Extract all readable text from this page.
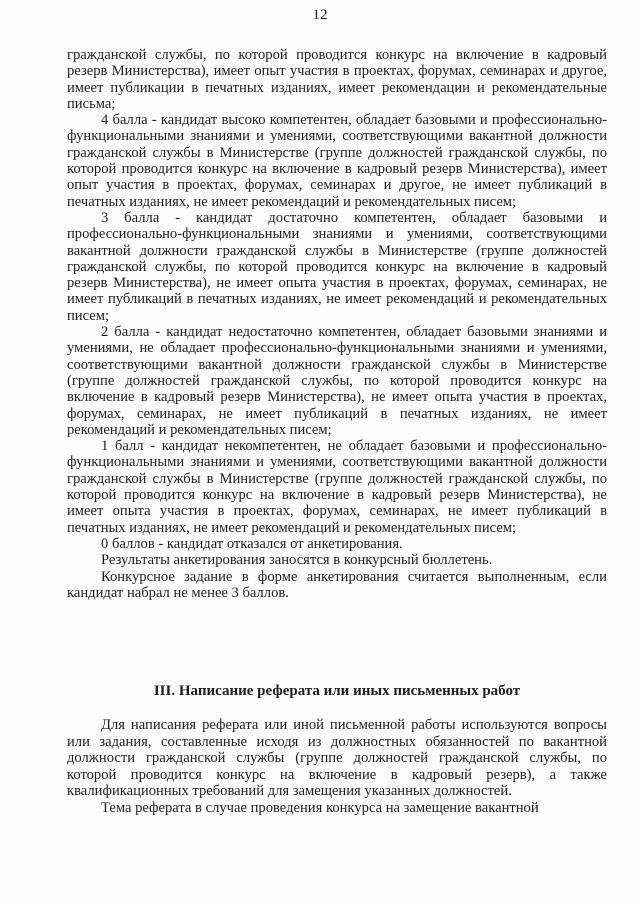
12

гражданской службы, по которой проводится конкурс на включение в кадровый резерв Министерства), имеет опыт участия в проектах, форумах, семинарах и другое, имеет публикации в печатных изданиях, имеет рекомендации и рекомендательные письма;

4 балла - кандидат высоко компетентен, обладает базовыми и профессионально-функциональными знаниями и умениями, соответствующими вакантной должности гражданской службы в Министерстве (группе должностей гражданской службы, по которой проводится конкурс на включение в кадровый резерв Министерства), имеет опыт участия в проектах, форумах, семинарах и другое, не имеет публикаций в печатных изданиях, не имеет рекомендаций и рекомендательных писем;

3 балла - кандидат достаточно компетентен, обладает базовыми и профессионально-функциональными знаниями и умениями, соответствующими вакантной должности гражданской службы в Министерстве (группе должностей гражданской службы, по которой проводится конкурс на включение в кадровый резерв Министерства), не имеет опыта участия в проектах, форумах, семинарах, не имеет публикаций в печатных изданиях, не имеет рекомендаций и рекомендательных писем;

2 балла - кандидат недостаточно компетентен, обладает базовыми знаниями и умениями, не обладает профессионально-функциональными знаниями и умениями, соответствующими вакантной должности гражданской службы в Министерстве (группе должностей гражданской службы, по которой проводится конкурс на включение в кадровый резерв Министерства), не имеет опыта участия в проектах, форумах, семинарах, не имеет публикаций в печатных изданиях, не имеет рекомендаций и рекомендательных писем;

1 балл - кандидат некомпетентен, не обладает базовыми и профессионально-функциональными знаниями и умениями, соответствующими вакантной должности гражданской службы в Министерстве (группе должностей гражданской службы, по которой проводится конкурс на включение в кадровый резерв Министерства), не имеет опыта участия в проектах, форумах, семинарах, не имеет публикаций в печатных изданиях, не имеет рекомендаций и рекомендательных писем;

0 баллов - кандидат отказался от анкетирования.

Результаты анкетирования заносятся в конкурсный бюллетень.

Конкурсное задание в форме анкетирования считается выполненным, если кандидат набрал не менее 3 баллов.

III. Написание реферата или иных письменных работ

Для написания реферата или иной письменной работы используются вопросы или задания, составленные исходя из должностных обязанностей по вакантной должности гражданской службы (группе должностей гражданской службы, по которой проводится конкурс на включение в кадровый резерв), а также квалификационных требований для замещения указанных должностей.

Тема реферата в случае проведения конкурса на замещение вакантной
